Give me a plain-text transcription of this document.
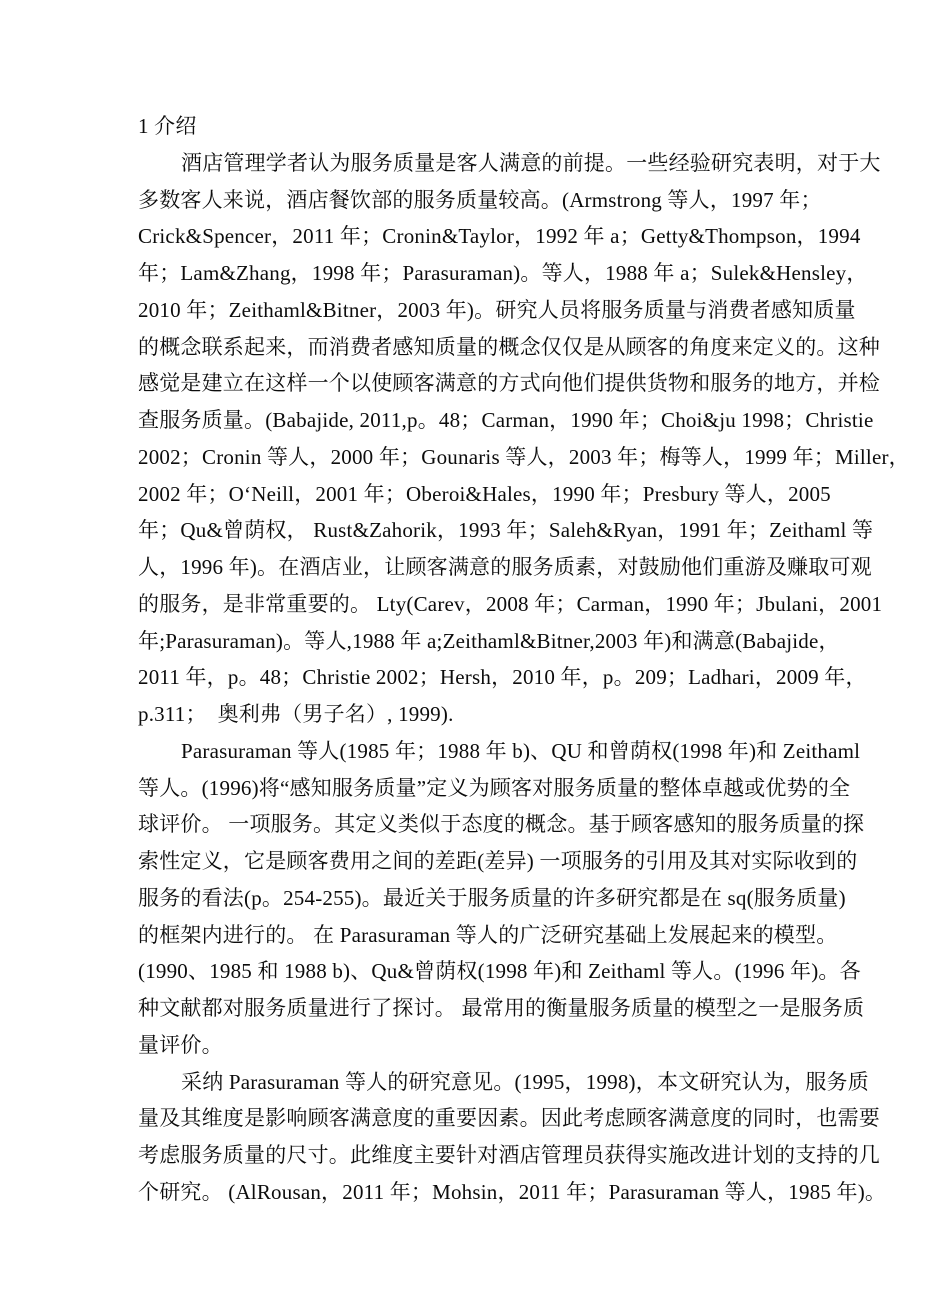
1 介绍
酒店管理学者认为服务质量是客人满意的前提。一些经验研究表明，对于大
多数客人来说，酒店餐饮部的服务质量较高。(Armstrong 等人，1997 年；
Crick&Spencer，2011 年；Cronin&Taylor，1992 年 a；Getty&Thompson，1994
年；Lam&Zhang，1998 年；Parasuraman)。等人，1988 年 a；Sulek&Hensley，
2010 年；Zeithaml&Bitner，2003 年)。研究人员将服务质量与消费者感知质量
的概念联系起来，而消费者感知质量的概念仅仅是从顾客的角度来定义的。这种
感觉是建立在这样一个以使顾客满意的方式向他们提供货物和服务的地方，并检
查服务质量。(Babajide, 2011,p。48；Carman，1990 年；Choi&ju 1998；Christie
2002；Cronin 等人，2000 年；Gounaris 等人，2003 年；梅等人，1999 年；Miller，
2002 年；O‘Neill，2001 年；Oberoi&Hales，1990 年；Presbury 等人，2005
年；Qu&曾荫权， Rust&Zahorik，1993 年；Saleh&Ryan，1991 年；Zeithaml 等
人，1996 年)。在酒店业，让顾客满意的服务质素，对鼓励他们重游及赚取可观
的服务，是非常重要的。 Lty(Carev，2008 年；Carman，1990 年；Jbulani，2001
年;Parasuraman)。等人,1988 年 a;Zeithaml&Bitner,2003 年)和满意(Babajide，
2011 年，p。48；Christie 2002；Hersh，2010 年，p。209；Ladhari，2009 年，
p.311；  奥利弗（男子名）, 1999).
Parasuraman 等人(1985 年；1988 年 b)、QU 和曾荫权(1998 年)和 Zeithaml
等人。(1996)将“感知服务质量”定义为顾客对服务质量的整体卓越或优势的全
球评价。 一项服务。其定义类似于态度的概念。基于顾客感知的服务质量的探
索性定义，它是顾客费用之间的差距(差异) 一项服务的引用及其对实际收到的
服务的看法(p。254-255)。最近关于服务质量的许多研究都是在 sq(服务质量)
的框架内进行的。 在 Parasuraman 等人的广泛研究基础上发展起来的模型。
(1990、1985 和 1988 b)、Qu&曾荫权(1998 年)和 Zeithaml 等人。(1996 年)。各
种文献都对服务质量进行了探讨。 最常用的衡量服务质量的模型之一是服务质
量评价。
采纳 Parasuraman 等人的研究意见。(1995，1998)，本文研究认为，服务质
量及其维度是影响顾客满意度的重要因素。因此考虑顾客满意度的同时，也需要
考虑服务质量的尺寸。此维度主要针对酒店管理员获得实施改进计划的支持的几
个研究。 (AlRousan，2011 年；Mohsin，2011 年；Parasuraman 等人，1985 年)。
